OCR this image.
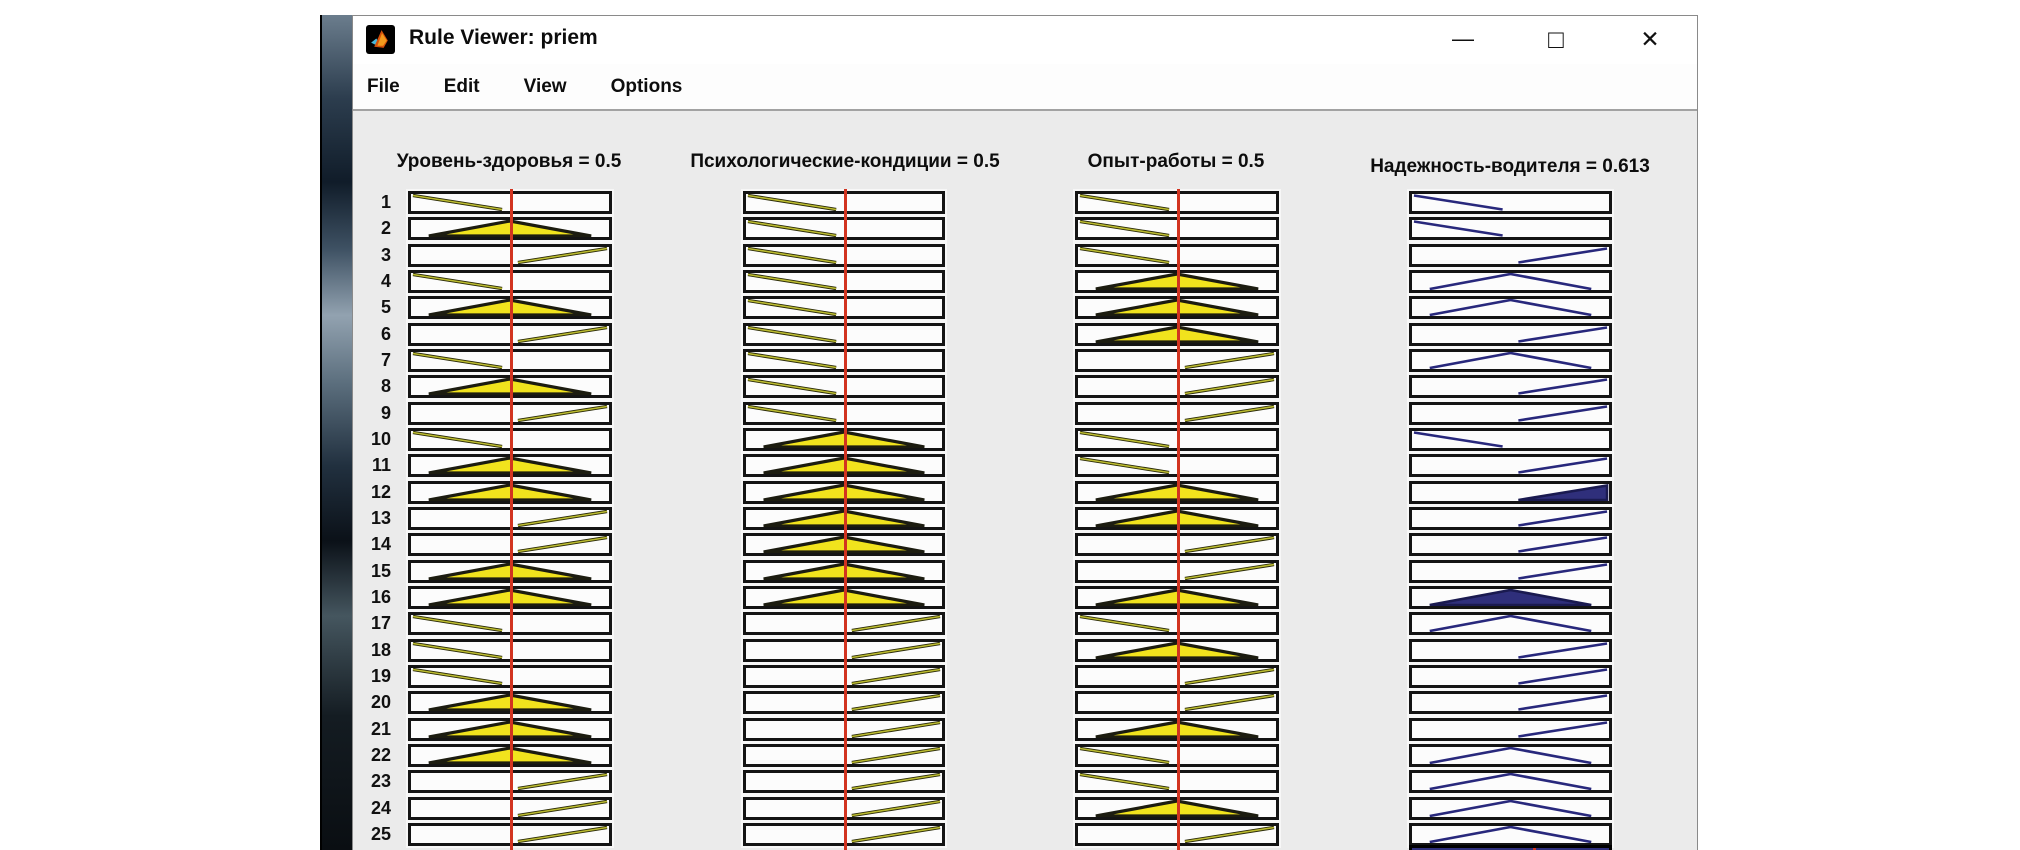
Rule Viewer: priem	—	□	✕
File Edit View Options
Уровень-здоровья = 0.5	Психологические-кондиции = 0.5	Опыт-работы = 0.5	Надежность-водителя = 0.613
1
2
3
4
5
6
7
8
9
10
11
12
13
14
15
16
17
18
19
20
21
22
23
24
25
